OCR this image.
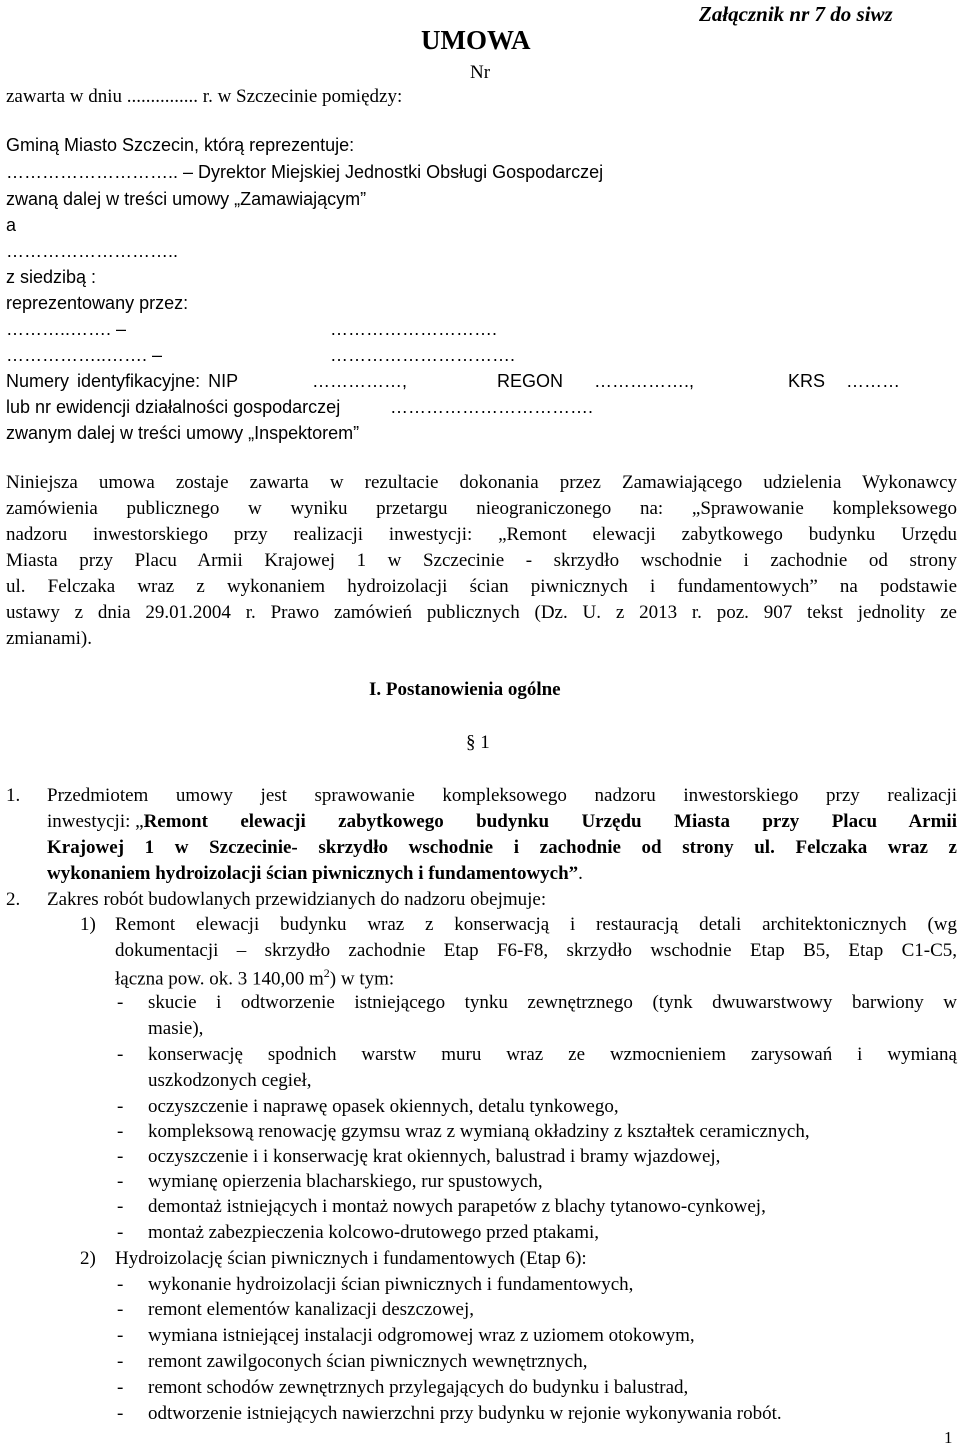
Załącznik nr 7 do siwz
UMOWA
Nr
zawarta w dniu ............... r. w Szczecinie pomiędzy:
Gminą Miasto Szczecin, którą reprezentuje:
……………………….. – Dyrektor Miejskiej Jednostki Obsługi Gospodarczej
zwaną dalej w treści umowy „Zamawiającym”
a
………………………..
z siedzibą :
reprezentowany przez:
………..……. –	……………………….
……………..……. –	………………………….
Numery identyfikacyjne: NIP	……………,	REGON …………….,	KRS ………
lub nr ewidencji działalności gospodarczej	…………………………….
zwanym dalej w treści umowy „Inspektorem”
Niniejsza umowa zostaje zawarta w rezultacie dokonania przez Zamawiającego udzielenia Wykonawcy
zamówienia publicznego w wyniku przetargu nieograniczonego na: „Sprawowanie kompleksowego
nadzoru inwestorskiego przy realizacji inwestycji: „Remont elewacji zabytkowego budynku Urzędu
Miasta przy Placu Armii Krajowej 1 w Szczecinie - skrzydło wschodnie i zachodnie od strony
ul. Felczaka wraz z wykonaniem hydroizolacji ścian piwnicznych i fundamentowych” na podstawie
ustawy z dnia 29.01.2004 r. Prawo zamówień publicznych (Dz. U. z 2013 r. poz. 907 tekst jednolity ze
zmianami).
I. Postanowienia ogólne
§ 1
1. Przedmiotem umowy jest sprawowanie kompleksowego nadzoru inwestorskiego przy realizacji
inwestycji: „ Remont elewacji zabytkowego budynku Urzędu Miasta przy Placu Armii
Krajowej 1 w Szczecinie- skrzydło wschodnie i zachodnie od strony ul. Felczaka wraz z
wykonaniem hydroizolacji ścian piwnicznych i fundamentowych”.
2. Zakres robót budowlanych przewidzianych do nadzoru obejmuje:
1) Remont elewacji budynku wraz z konserwacją i restauracją detali architektonicznych (wg
dokumentacji – skrzydło zachodnie Etap F6-F8, skrzydło wschodnie Etap B5, Etap C1-C5,
łączna pow. ok. 3 140,00 $m^2$) w tym:
- skucie i odtworzenie istniejącego tynku zewnętrznego (tynk dwuwarstwowy barwiony w
masie),
- konserwację spodnich warstw muru wraz ze wzmocnieniem zarysowań i wymianą
uszkodzonych cegieł,
- oczyszczenie i naprawę opasek okiennych, detalu tynkowego,
- kompleksową renowację gzymsu wraz z wymianą okładziny z kształtek ceramicznych,
- oczyszczenie i i konserwację krat okiennych, balustrad i bramy wjazdowej,
- wymianę opierzenia blacharskiego, rur spustowych,
- demontaż istniejących i montaż nowych parapetów z blachy tytanowo-cynkowej,
- montaż zabezpieczenia kolcowo-drutowego przed ptakami,
2) Hydroizolację ścian piwnicznych i fundamentowych (Etap 6):
- wykonanie hydroizolacji ścian piwnicznych i fundamentowych,
- remont elementów kanalizacji deszczowej,
- wymiana istniejącej instalacji odgromowej wraz z uziomem otokowym,
- remont zawilgoconych ścian piwnicznych wewnętrznych,
- remont schodów zewnętrznych przylegających do budynku i balustrad,
- odtworzenie istniejących nawierzchni przy budynku w rejonie wykonywania robót.
1
